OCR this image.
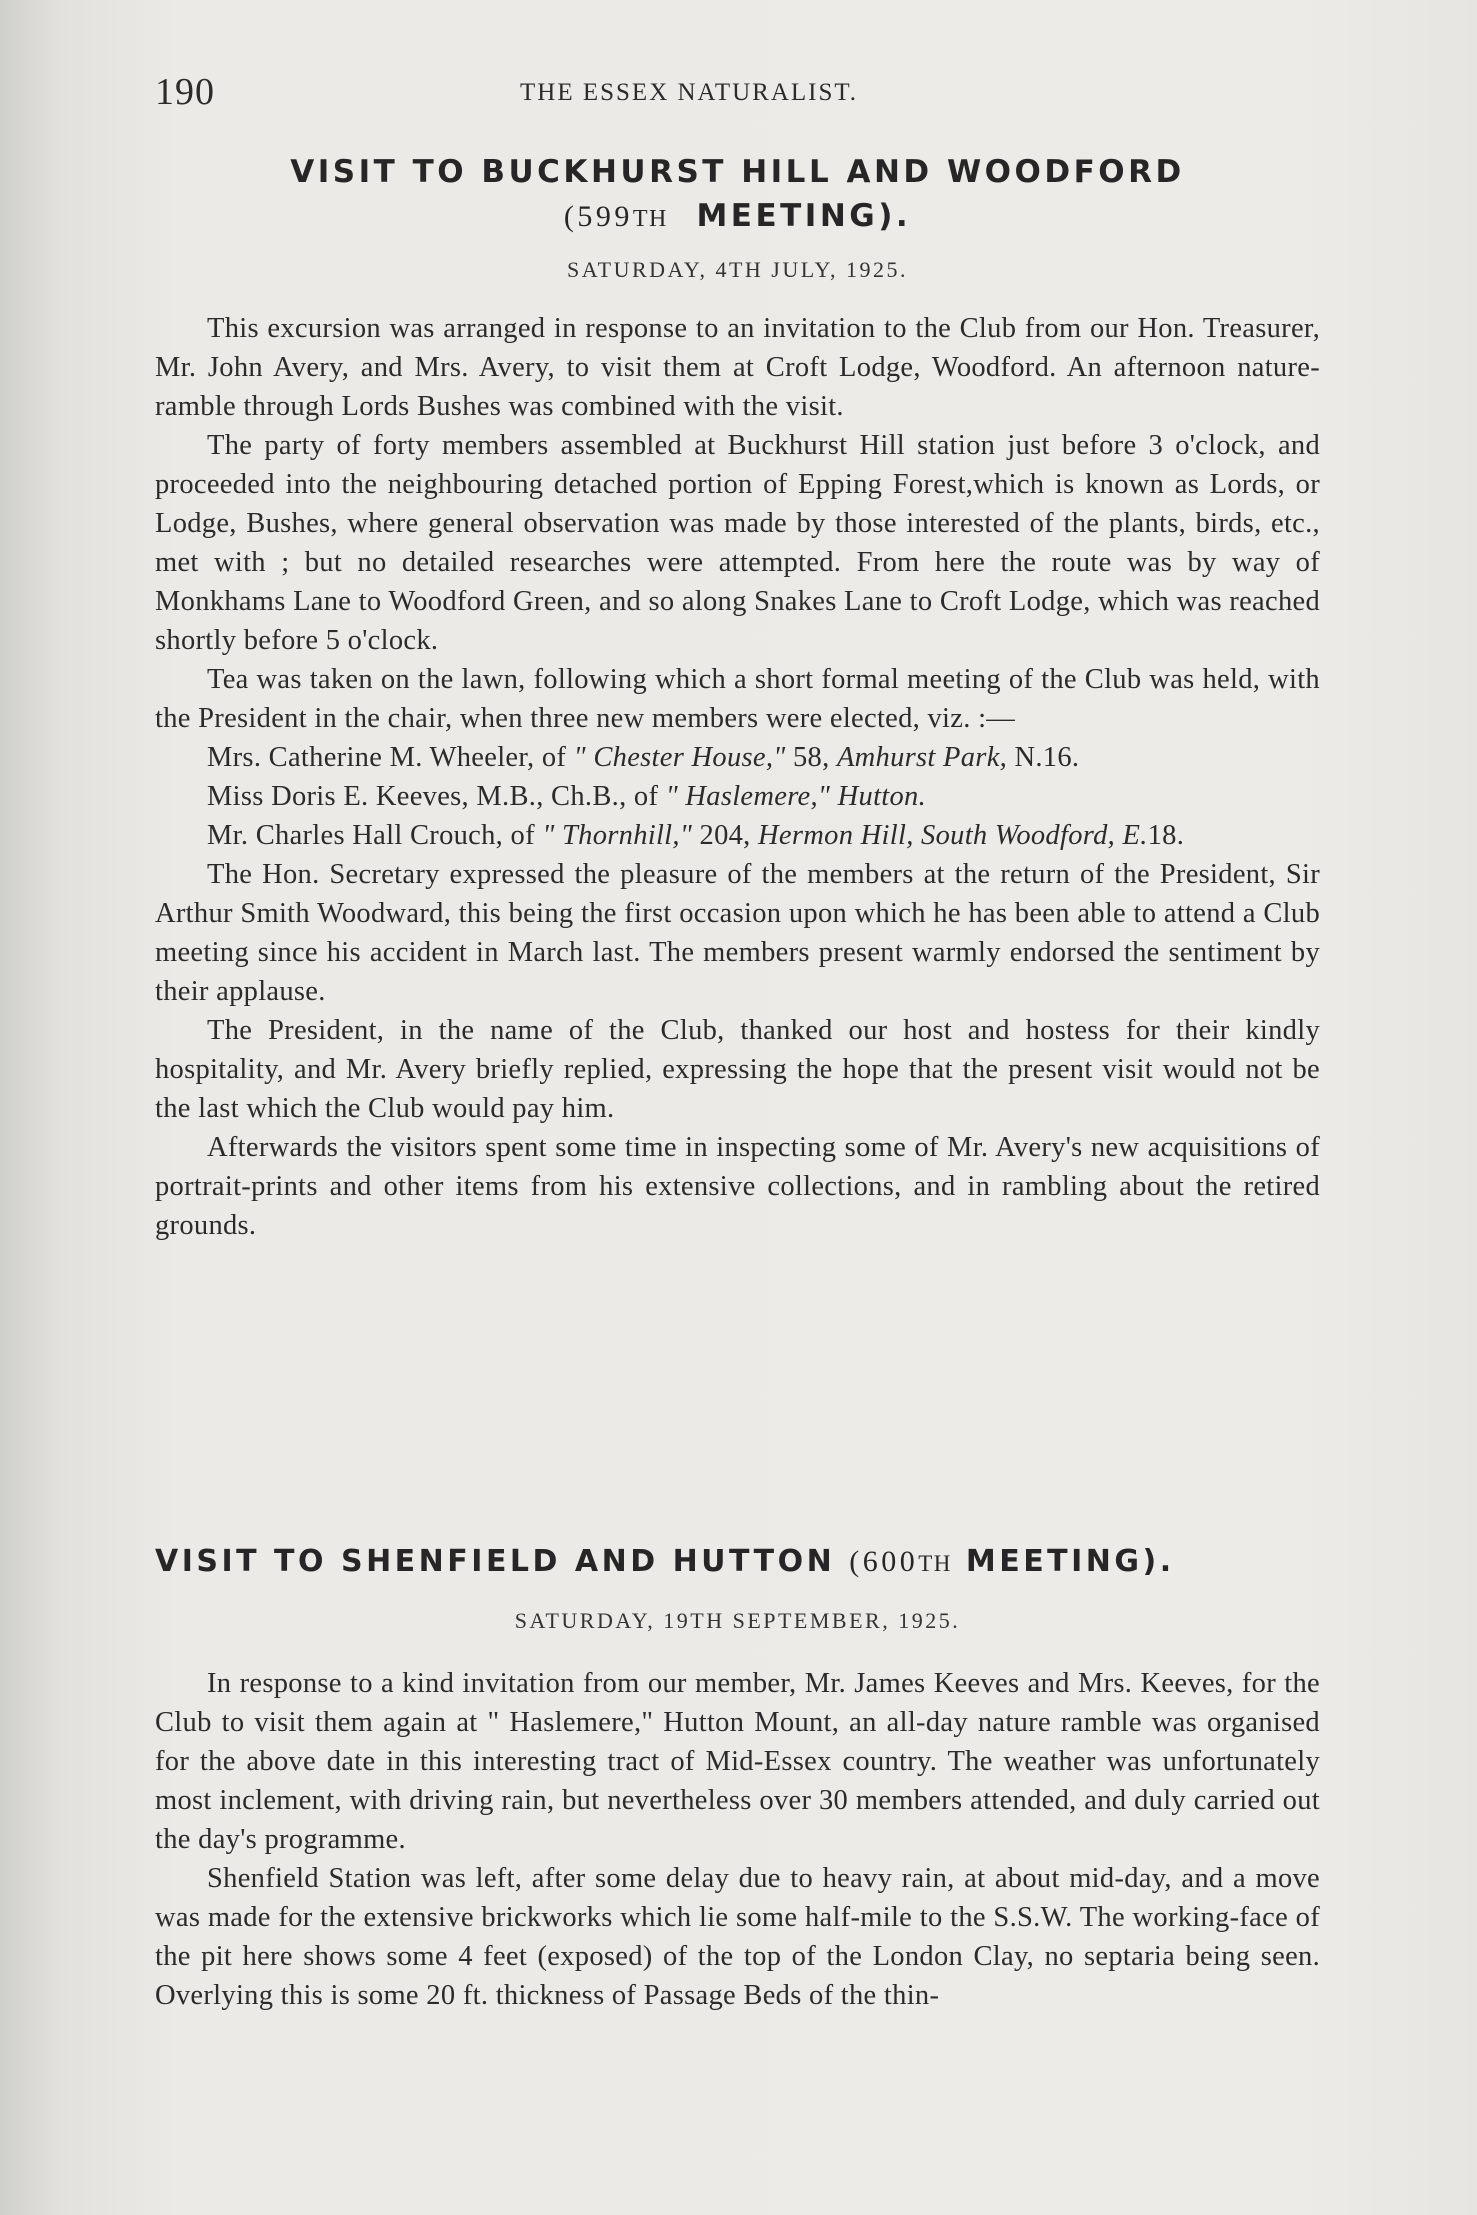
190	THE ESSEX NATURALIST.
VISIT TO BUCKHURST HILL AND WOODFORD
(599TH MEETING).
SATURDAY, 4TH JULY, 1925.

This excursion was arranged in response to an invitation to the Club from our Hon. Treasurer, Mr. John Avery, and Mrs. Avery, to visit them at Croft Lodge, Woodford. An afternoon nature-ramble through Lords Bushes was combined with the visit.

The party of forty members assembled at Buckhurst Hill station just before 3 o'clock, and proceeded into the neighbouring detached portion of Epping Forest,which is known as Lords, or Lodge, Bushes, where general observation was made by those interested of the plants, birds, etc., met with ; but no detailed researches were attempted. From here the route was by way of Monkhams Lane to Woodford Green, and so along Snakes Lane to Croft Lodge, which was reached shortly before 5 o'clock.

Tea was taken on the lawn, following which a short formal meeting of the Club was held, with the President in the chair, when three new members were elected, viz. :—

Mrs. Catherine M. Wheeler, of " Chester House," 58, Amhurst Park, N.16.

Miss Doris E. Keeves, M.B., Ch.B., of " Haslemere," Hutton.

Mr. Charles Hall Crouch, of " Thornhill," 204, Hermon Hill, South Woodford, E.18.

The Hon. Secretary expressed the pleasure of the members at the return of the President, Sir Arthur Smith Woodward, this being the first occasion upon which he has been able to attend a Club meeting since his accident in March last. The members present warmly endorsed the sentiment by their applause.

The President, in the name of the Club, thanked our host and hostess for their kindly hospitality, and Mr. Avery briefly replied, expressing the hope that the present visit would not be the last which the Club would pay him.

Afterwards the visitors spent some time in inspecting some of Mr. Avery's new acquisitions of portrait-prints and other items from his extensive collections, and in rambling about the retired grounds.

VISIT TO SHENFIELD AND HUTTON (600TH MEETING).
SATURDAY, 19TH SEPTEMBER, 1925.

In response to a kind invitation from our member, Mr. James Keeves and Mrs. Keeves, for the Club to visit them again at " Haslemere," Hutton Mount, an all-day nature ramble was organised for the above date in this interesting tract of Mid-Essex country. The weather was unfortunately most inclement, with driving rain, but nevertheless over 30 members attended, and duly carried out the day's programme.

Shenfield Station was left, after some delay due to heavy rain, at about mid-day, and a move was made for the extensive brickworks which lie some half-mile to the S.S.W. The working-face of the pit here shows some 4 feet (exposed) of the top of the London Clay, no septaria being seen. Overlying this is some 20 ft. thickness of Passage Beds of the thin-
